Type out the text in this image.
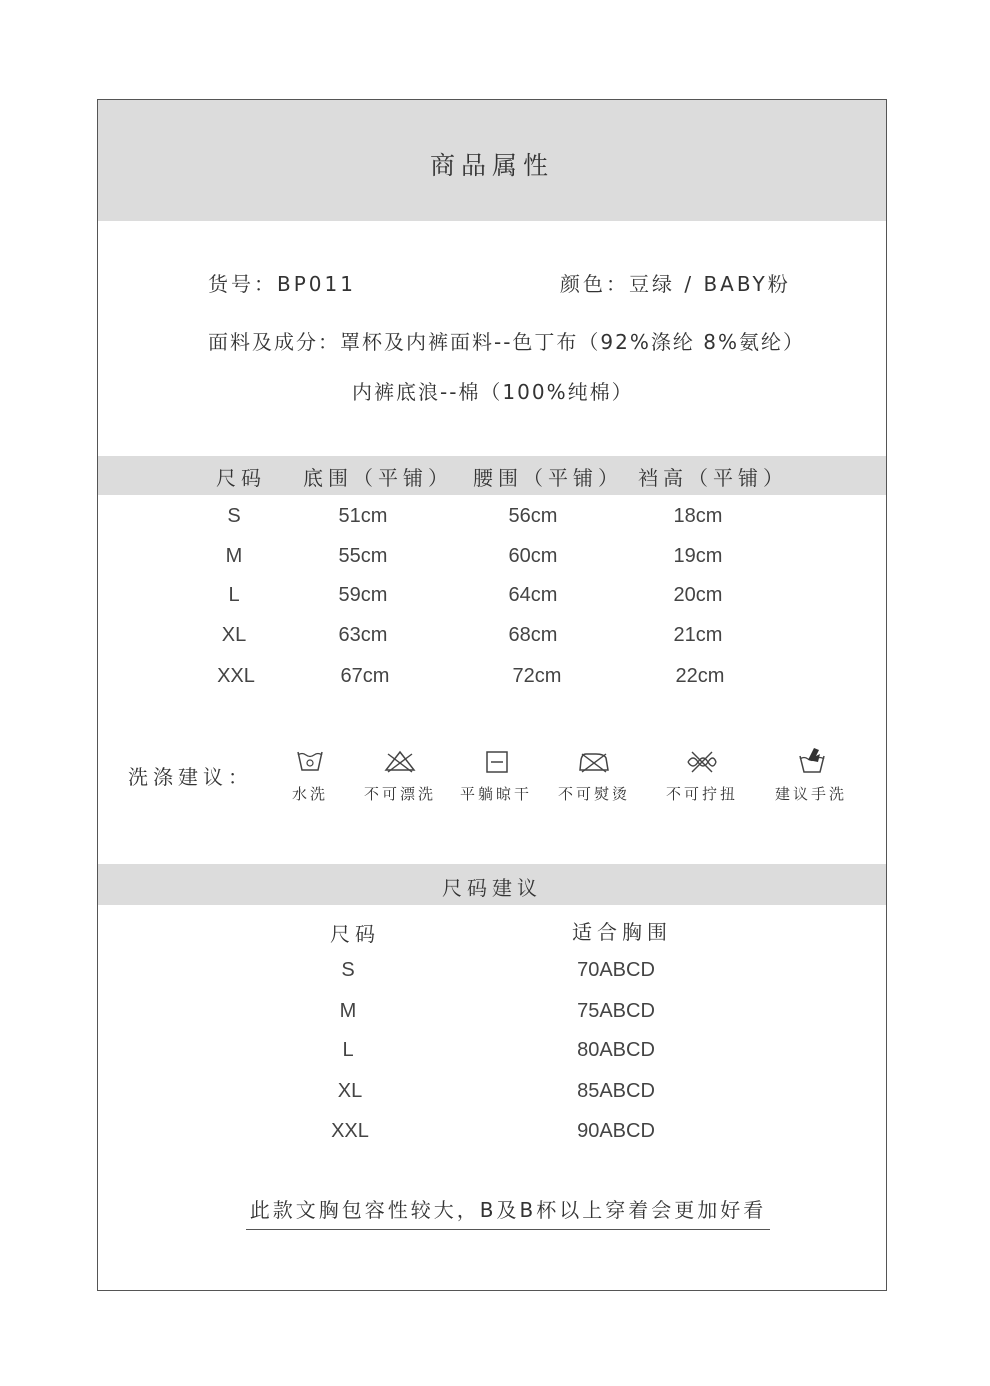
商品属性
货号：BP011	颜色：豆绿 / BABY粉
面料及成分：罩杯及内裤面料--色丁布（92%涤纶 8%氨纶）
内裤底浪--棉（100%纯棉）
尺码 底围（平铺） 腰围（平铺） 裆高（平铺）
S	51cm	56cm	18cm
M	55cm	60cm	19cm
L	59cm	64cm	20cm
XL	63cm	68cm	21cm
XXL	67cm	72cm	22cm
洗涤建议：
水洗	不可漂洗	平躺晾干	不可熨烫	不可拧扭	建议手洗
尺码建议
尺码	适合胸围
S	70ABCD
M	75ABCD
L	80ABCD
XL	85ABCD
XXL	90ABCD
此款文胸包容性较大，B及B杯以上穿着会更加好看
